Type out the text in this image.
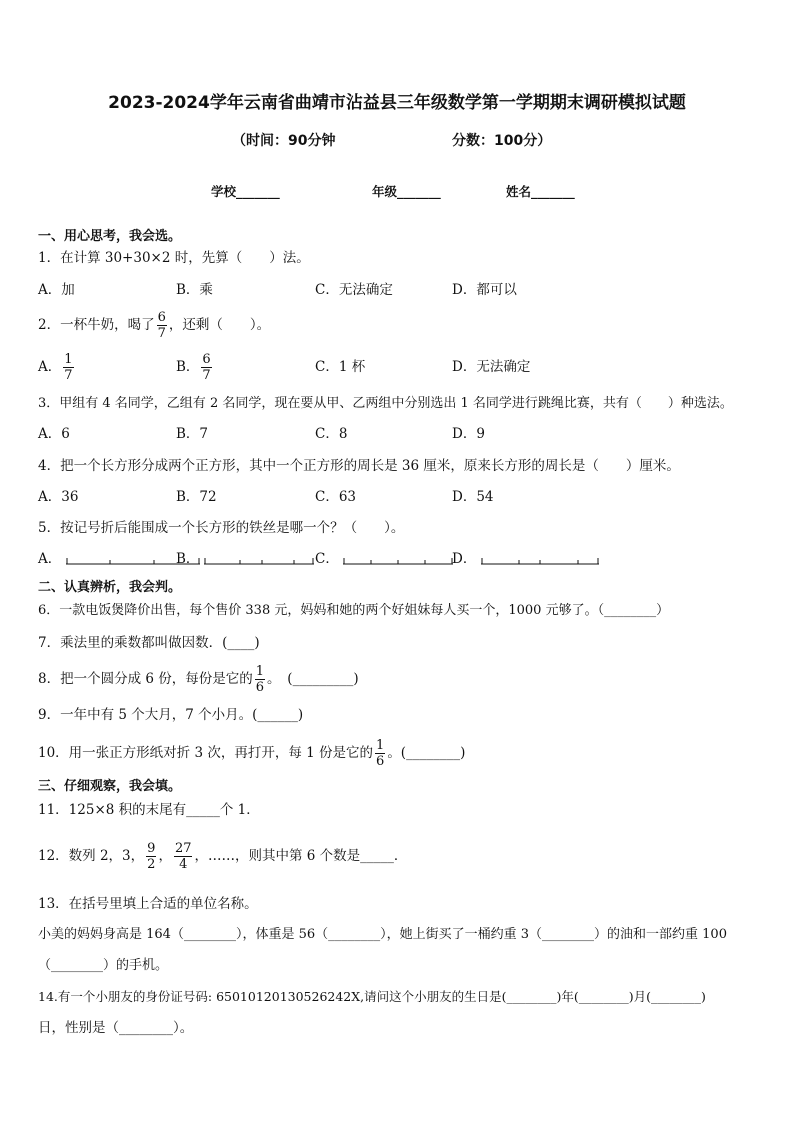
2023-2024学年云南省曲靖市沾益县三年级数学第一学期期末调研模拟试题
（时间：90分钟	分数：100分）
学校_______	年级_______	姓名_______
一、用心思考，我会选。
1．在计算 30+30×2 时，先算（　　）法。
A．加	B．乘	C．无法确定	D．都可以
2．一杯牛奶，喝了 $\frac{6}{7}$ ，还剩（　　）。
A． $\frac{1}{7}$	B． $\frac{6}{7}$	C．1 杯	D．无法确定
3．甲组有 4 名同学，乙组有 2 名同学，现在要从甲、乙两组中分别选出 1 名同学进行跳绳比赛，共有（　　）种选法。
A．6	B．7	C．8	D．9
4．把一个长方形分成两个正方形，其中一个正方形的周长是 36 厘米，原来长方形的周长是（　　）厘米。
A．36	B．72	C．63	D．54
5．按记号折后能围成一个长方形的铁丝是哪一个？（　　）。
A．	B．	C．	D．
二、认真辨析，我会判。
6．一款电饭煲降价出售，每个售价 338 元，妈妈和她的两个好姐妹每人买一个，1000 元够了。（________）
7．乘法里的乘数都叫做因数．(____)
8．把一个圆分成 6 份，每份是它的 $\frac{1}{6}$ 。　(_________)
9．一年中有 5 个大月，7 个小月。(______)
10．用一张正方形纸对折 3 次，再打开，每 1 份是它的 $\frac{1}{6}$ 。(________)
三、仔细观察，我会填。
11．125×8 积的末尾有_____个 1．
12．数列 2，3， $\frac{9}{2}$ ， $\frac{27}{4}$ ，……，则其中第 6 个数是_____．
13．在括号里填上合适的单位名称。
小美的妈妈身高是 164（________），体重是 56（________），她上街买了一桶约重 3（________）的油和一部约重 100
（________）的手机。
14.有一个小朋友的身份证号码: 65010120130526242X,请问这个小朋友的生日是(________)年(________)月(________)
日，性别是（________）。
